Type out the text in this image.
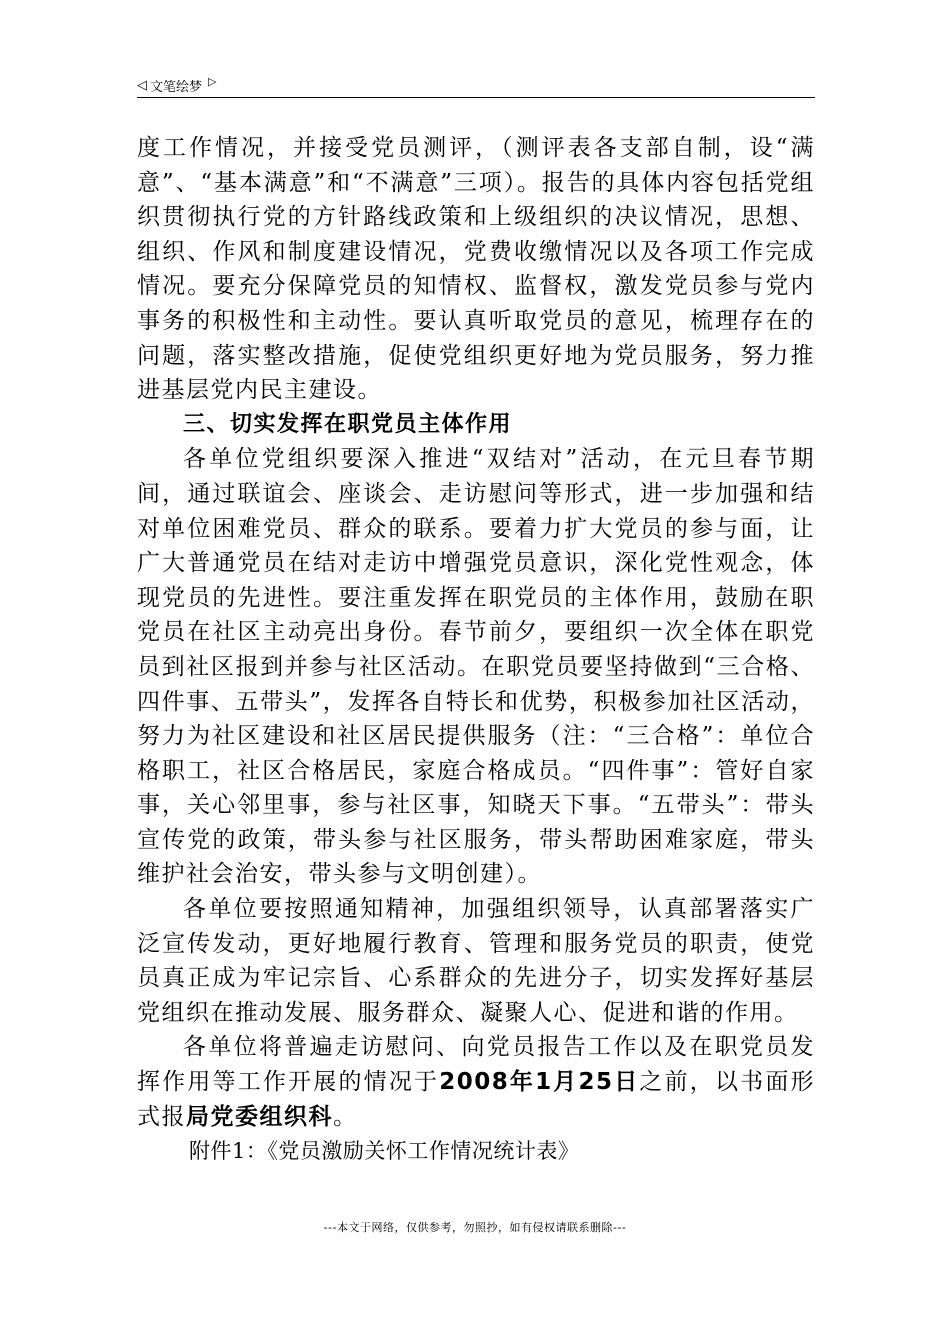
◁ 文笔绘梦 ▷

度工作情况，并接受党员测评，（测评表各支部自制，设“满意”、“基本满意”和“不满意”三项）。报告的具体内容包括党组织贯彻执行党的方针路线政策和上级组织的决议情况，思想、组织、作风和制度建设情况，党费收缴情况以及各项工作完成情况。要充分保障党员的知情权、监督权，激发党员参与党内事务的积极性和主动性。要认真听取党员的意见，梳理存在的问题，落实整改措施，促使党组织更好地为党员服务，努力推进基层党内民主建设。

三、切实发挥在职党员主体作用

各单位党组织要深入推进“双结对”活动，在元旦春节期间，通过联谊会、座谈会、走访慰问等形式，进一步加强和结对单位困难党员、群众的联系。要着力扩大党员的参与面，让广大普通党员在结对走访中增强党员意识，深化党性观念，体现党员的先进性。要注重发挥在职党员的主体作用，鼓励在职党员在社区主动亮出身份。春节前夕，要组织一次全体在职党员到社区报到并参与社区活动。在职党员要坚持做到“三合格、四件事、五带头”，发挥各自特长和优势，积极参加社区活动，努力为社区建设和社区居民提供服务（注：“三合格”：单位合格职工，社区合格居民，家庭合格成员。“四件事”：管好自家事，关心邻里事，参与社区事，知晓天下事。“五带头”：带头宣传党的政策，带头参与社区服务，带头帮助困难家庭，带头维护社会治安，带头参与文明创建）。

各单位要按照通知精神，加强组织领导，认真部署落实广泛宣传发动，更好地履行教育、管理和服务党员的职责，使党员真正成为牢记宗旨、心系群众的先进分子，切实发挥好基层党组织在推动发展、服务群众、凝聚人心、促进和谐的作用。

各单位将普遍走访慰问、向党员报告工作以及在职党员发挥作用等工作开展的情况于2008年1月25日之前，以书面形式报局党委组织科。

附件1：《党员激励关怀工作情况统计表》

---本文于网络，仅供参考，勿照抄，如有侵权请联系删除---
